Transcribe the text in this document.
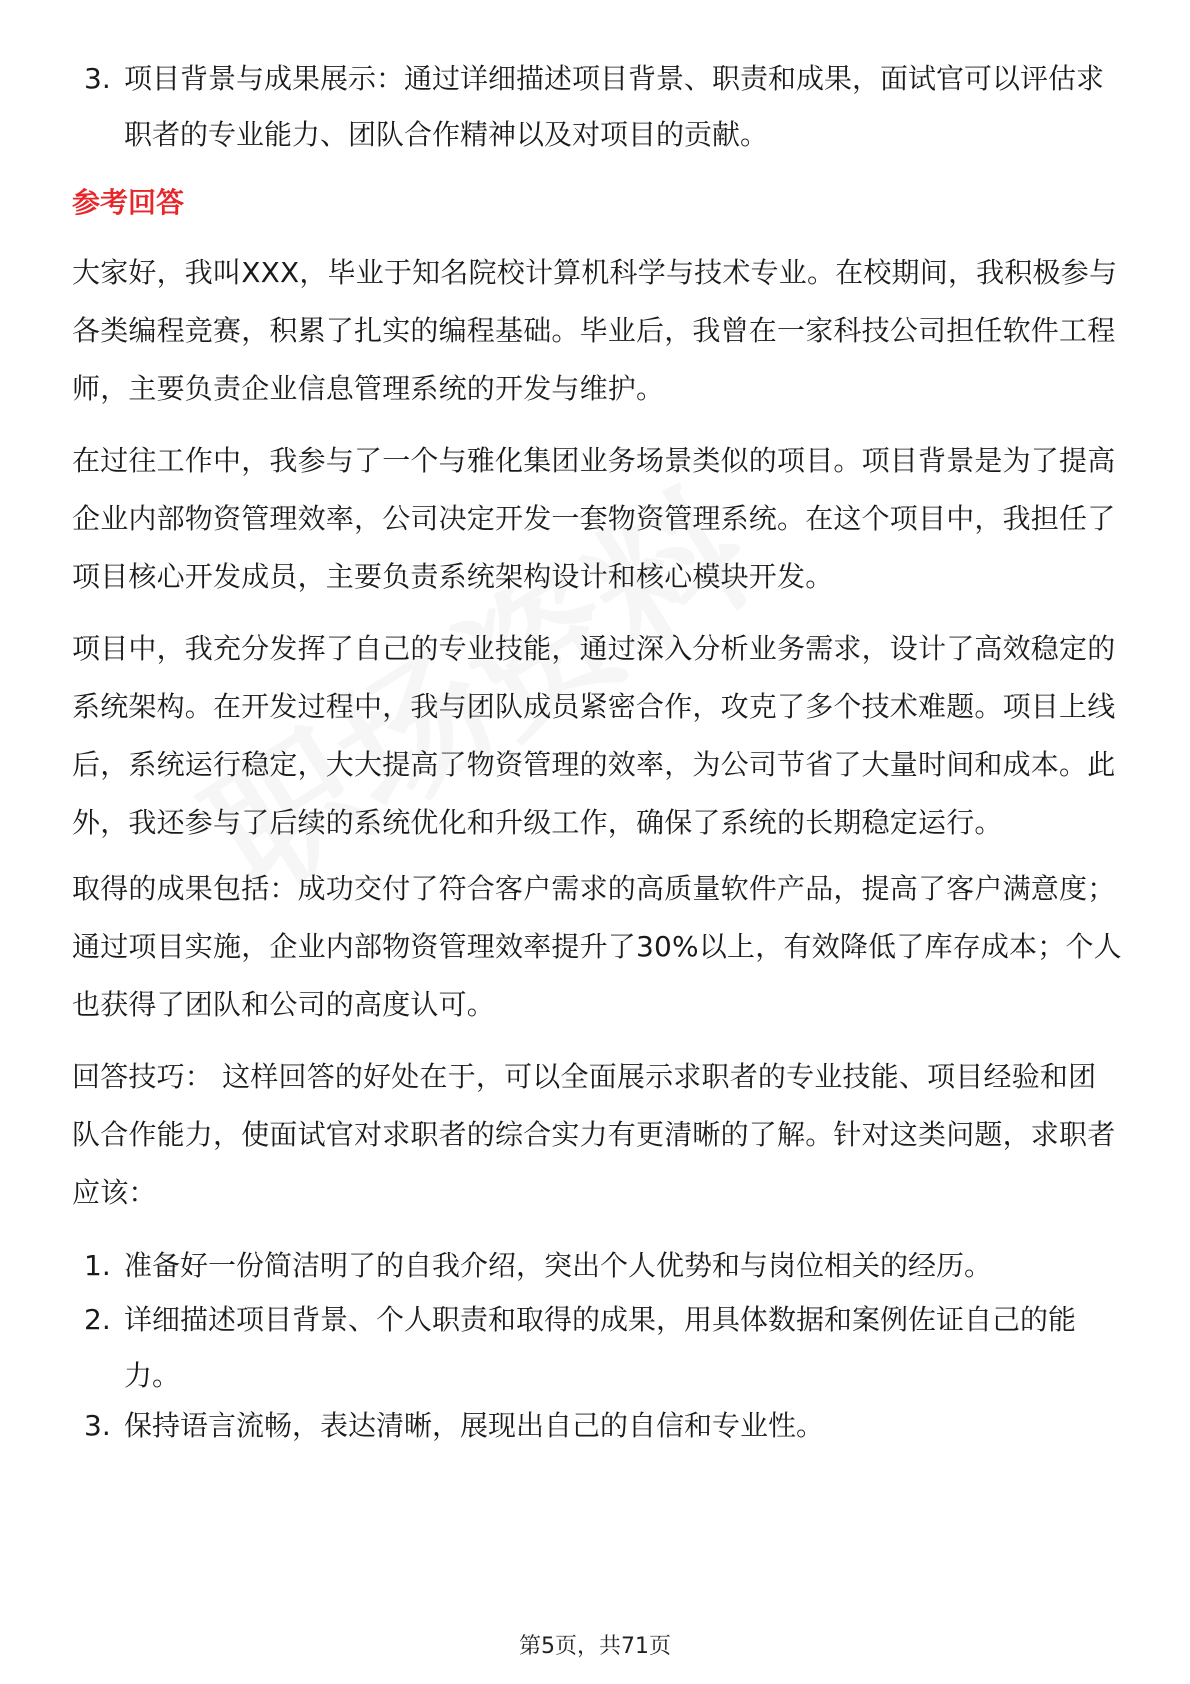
3. 项目背景与成果展示：通过详细描述项目背景、职责和成果，面试官可以评估求职者的专业能力、团队合作精神以及对项目的贡献。
参考回答
大家好，我叫XXX，毕业于知名院校计算机科学与技术专业。在校期间，我积极参与各类编程竞赛，积累了扎实的编程基础。毕业后，我曾在一家科技公司担任软件工程师，主要负责企业信息管理系统的开发与维护。
在过往工作中，我参与了一个与雅化集团业务场景类似的项目。项目背景是为了提高企业内部物资管理效率，公司决定开发一套物资管理系统。在这个项目中，我担任了项目核心开发成员，主要负责系统架构设计和核心模块开发。
项目中，我充分发挥了自己的专业技能，通过深入分析业务需求，设计了高效稳定的系统架构。在开发过程中，我与团队成员紧密合作，攻克了多个技术难题。项目上线后，系统运行稳定，大大提高了物资管理的效率，为公司节省了大量时间和成本。此外，我还参与了后续的系统优化和升级工作，确保了系统的长期稳定运行。
取得的成果包括：成功交付了符合客户需求的高质量软件产品，提高了客户满意度；通过项目实施，企业内部物资管理效率提升了30%以上，有效降低了库存成本；个人也获得了团队和公司的高度认可。
回答技巧： 这样回答的好处在于，可以全面展示求职者的专业技能、项目经验和团队合作能力，使面试官对求职者的综合实力有更清晰的了解。针对这类问题，求职者应该：
1. 准备好一份简洁明了的自我介绍，突出个人优势和与岗位相关的经历。
2. 详细描述项目背景、个人职责和取得的成果，用具体数据和案例佐证自己的能力。
3. 保持语言流畅，表达清晰，展现出自己的自信和专业性。
第5页，共71页
